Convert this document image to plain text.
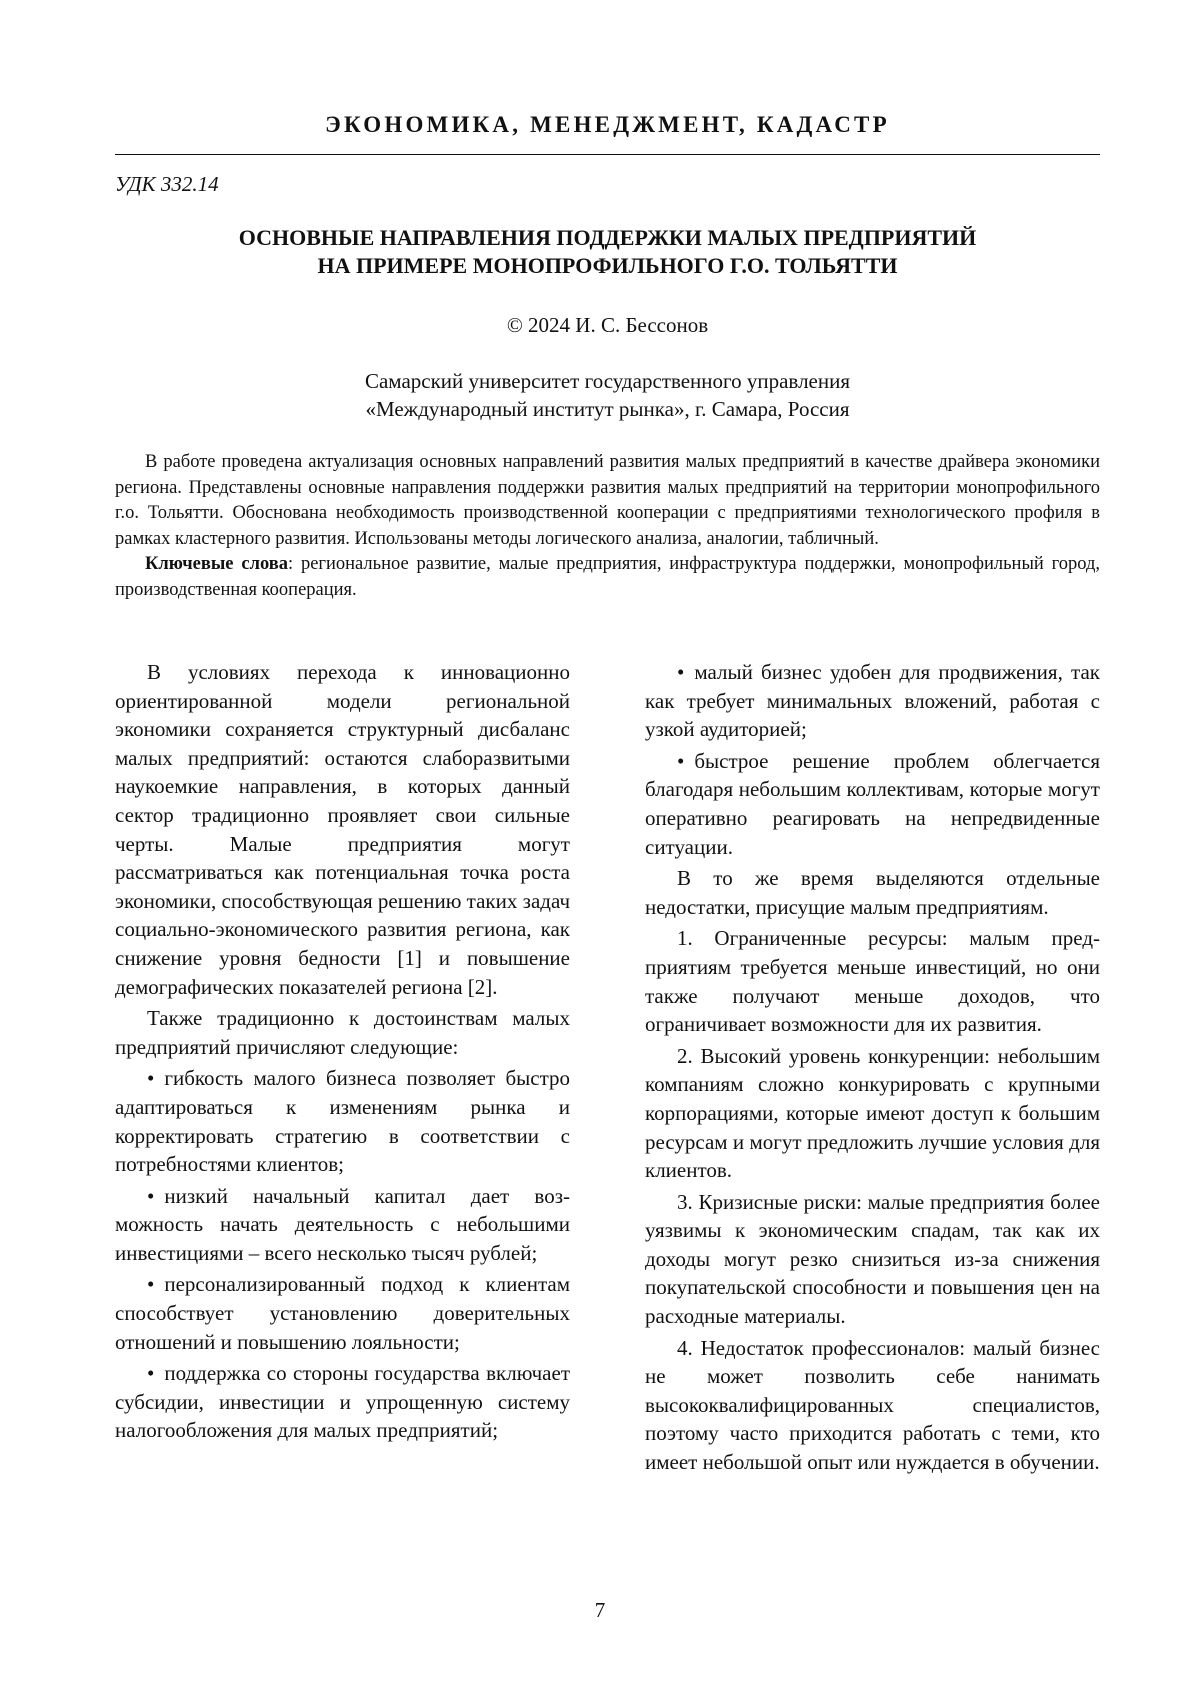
ЭКОНОМИКА, МЕНЕДЖМЕНТ, КАДАСТР
УДК 332.14
ОСНОВНЫЕ НАПРАВЛЕНИЯ ПОДДЕРЖКИ МАЛЫХ ПРЕДПРИЯТИЙ
НА ПРИМЕРЕ МОНОПРОФИЛЬНОГО Г.О. ТОЛЬЯТТИ
© 2024 И. С. Бессонов
Самарский университет государственного управления
«Международный институт рынка», г. Самара, Россия

В работе проведена актуализация основных направлений развития малых предприятий в качестве драйвера экономики региона. Представлены основные направления поддержки развития малых предприятий на территории монопрофильного г.о. Тольятти. Обоснована необходимость производственной кооперации с предприятиями технологического профиля в рамках кластерного развития. Использованы методы логического анализа, аналогии, табличный.

Ключевые слова: региональное развитие, малые предприятия, инфраструктура поддержки, монопрофильный город, производственная кооперация.

В условиях перехода к инновационно ориентированной модели региональной экономики сохраняется структурный дисбаланс малых предприятий: остаются слаборазвитыми наукоемкие направления, в которых данный сектор традиционно проявляет свои сильные черты. Малые предприятия могут рассматриваться как потенциальная точка роста экономики, способствующая решению таких задач социально-экономического развития региона, как снижение уровня бедности [1] и повышение демографических показателей региона [2].

Также традиционно к достоинствам малых предприятий причисляют следующие:

• гибкость малого бизнеса позволяет быстро адаптироваться к изменениям рынка и корректировать стратегию в соответствии с потребностями клиентов;

• низкий начальный капитал дает возможность начать деятельность с небольшими инвестициями – всего несколько тысяч рублей;

• персонализированный подход к клиентам способствует установлению доверительных отношений и повышению лояльности;

• поддержка со стороны государства включает субсидии, инвестиции и упрощенную систему налогообложения для малых предприятий;

• малый бизнес удобен для продвижения, так как требует минимальных вложений, работая с узкой аудиторией;

• быстрое решение проблем облегчается благодаря небольшим коллективам, которые могут оперативно реагировать на непредвиденные ситуации.

В то же время выделяются отдельные недостатки, присущие малым предприятиям.

1. Ограниченные ресурсы: малым предприятиям требуется меньше инвестиций, но они также получают меньше доходов, что ограничивает возможности для их развития.

2. Высокий уровень конкуренции: небольшим компаниям сложно конкурировать с крупными корпорациями, которые имеют доступ к большим ресурсам и могут предложить лучшие условия для клиентов.

3. Кризисные риски: малые предприятия более уязвимы к экономическим спадам, так как их доходы могут резко снизиться из-за снижения покупательской способности и повышения цен на расходные материалы.

4. Недостаток профессионалов: малый бизнес не может позволить себе нанимать высококвалифицированных специалистов, поэтому часто приходится работать с теми, кто имеет небольшой опыт или нуждается в обучении.

7
